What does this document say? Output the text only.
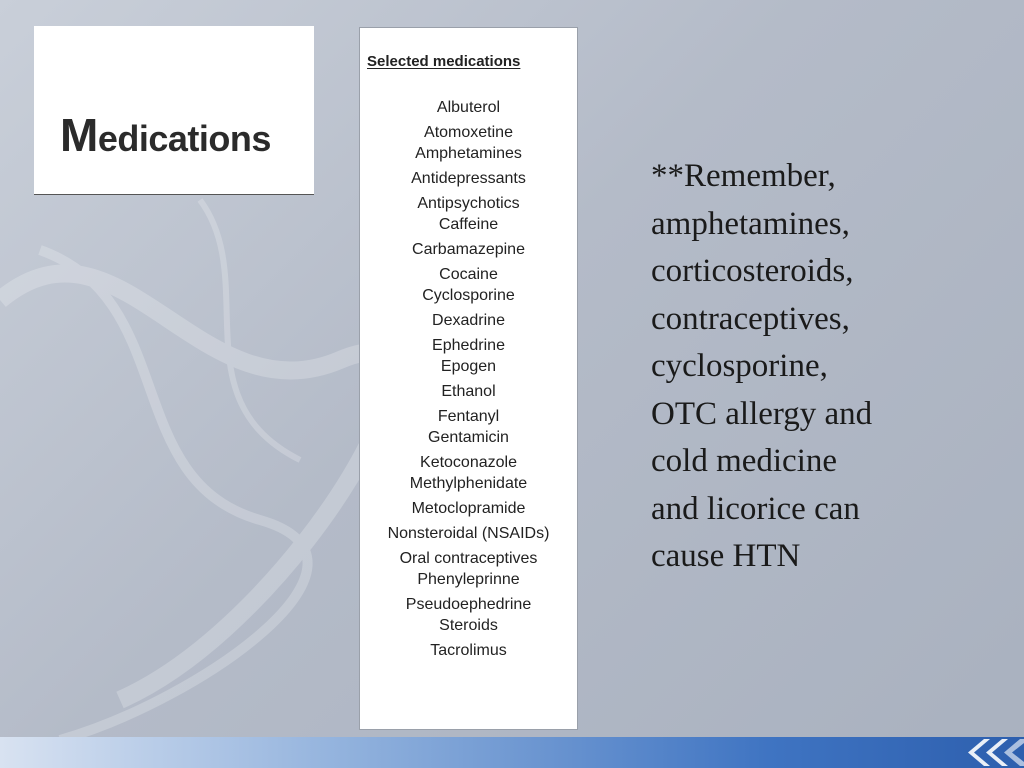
Medications
Selected medications
Albuterol
Atomoxetine
Amphetamines
Antidepressants
Antipsychotics
Caffeine
Carbamazepine
Cocaine
Cyclosporine
Dexadrine
Ephedrine
Epogen
Ethanol
Fentanyl
Gentamicin
Ketoconazole
Methylphenidate
Metoclopramide
Nonsteroidal (NSAIDs)
Oral contraceptives
Phenyleprinne
Pseudoephedrine
Steroids
Tacrolimus
**Remember,
amphetamines,
corticosteroids,
contraceptives,
cyclosporine,
OTC allergy and
cold medicine
and licorice can
cause HTN
